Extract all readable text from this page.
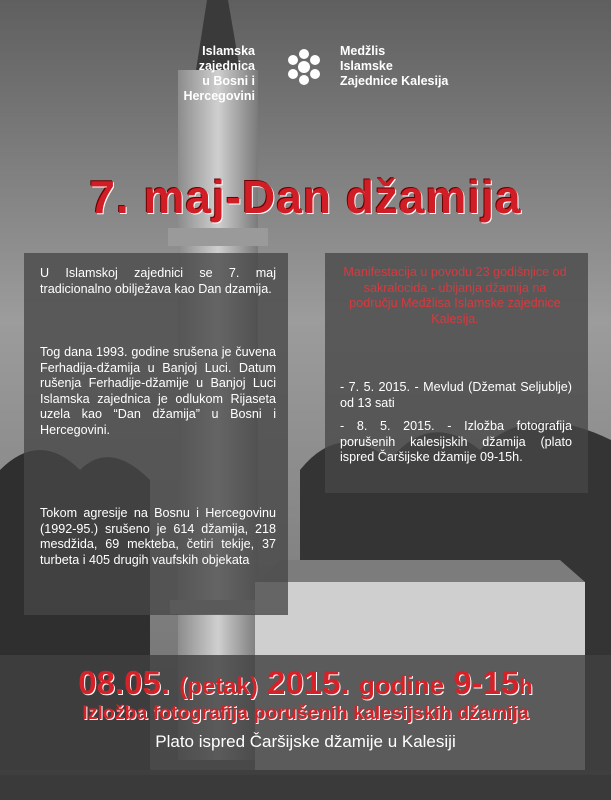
Islamska
zajednica
u Bosni i Hercegovini
Medžlis
Islamske
Zajednice Kalesija
7. maj-Dan džamija
U Islamskoj zajednici se 7. maj tradicionalno obilježava kao Dan dzamija.
Tog dana 1993. godine srušena je čuvena Ferhadija-džamija u Banjoj Luci. Datum rušenja Ferhadije-džamije u Banjoj Luci Islamska zajednica je odlukom Rijaseta uzela kao “Dan džamija” u Bosni i Hercegovini.
Tokom agresije na Bosnu i Hercegovinu (1992-95.) srušeno je 614 džamija, 218 mesdžida, 69 mekteba, četiri tekije, 37 turbeta i 405 drugih vaufskih objekata
Manifestacija u povodu 23 godišnjice od sakralocida - ubijanja džamija na području Medžlisa Islamske zajednice Kalesija.
- 7. 5. 2015. - Mevlud (Džemat Seljublje) od 13 sati
- 8. 5. 2015. - Izložba fotografija porušenih kalesijskih džamija (plato ispred Čaršijske džamije 09-15h.
08.05. (petak) 2015. godine 9-15h
Izložba fotografija porušenih kalesijskih džamija
Plato ispred Čaršijske džamije u Kalesiji
